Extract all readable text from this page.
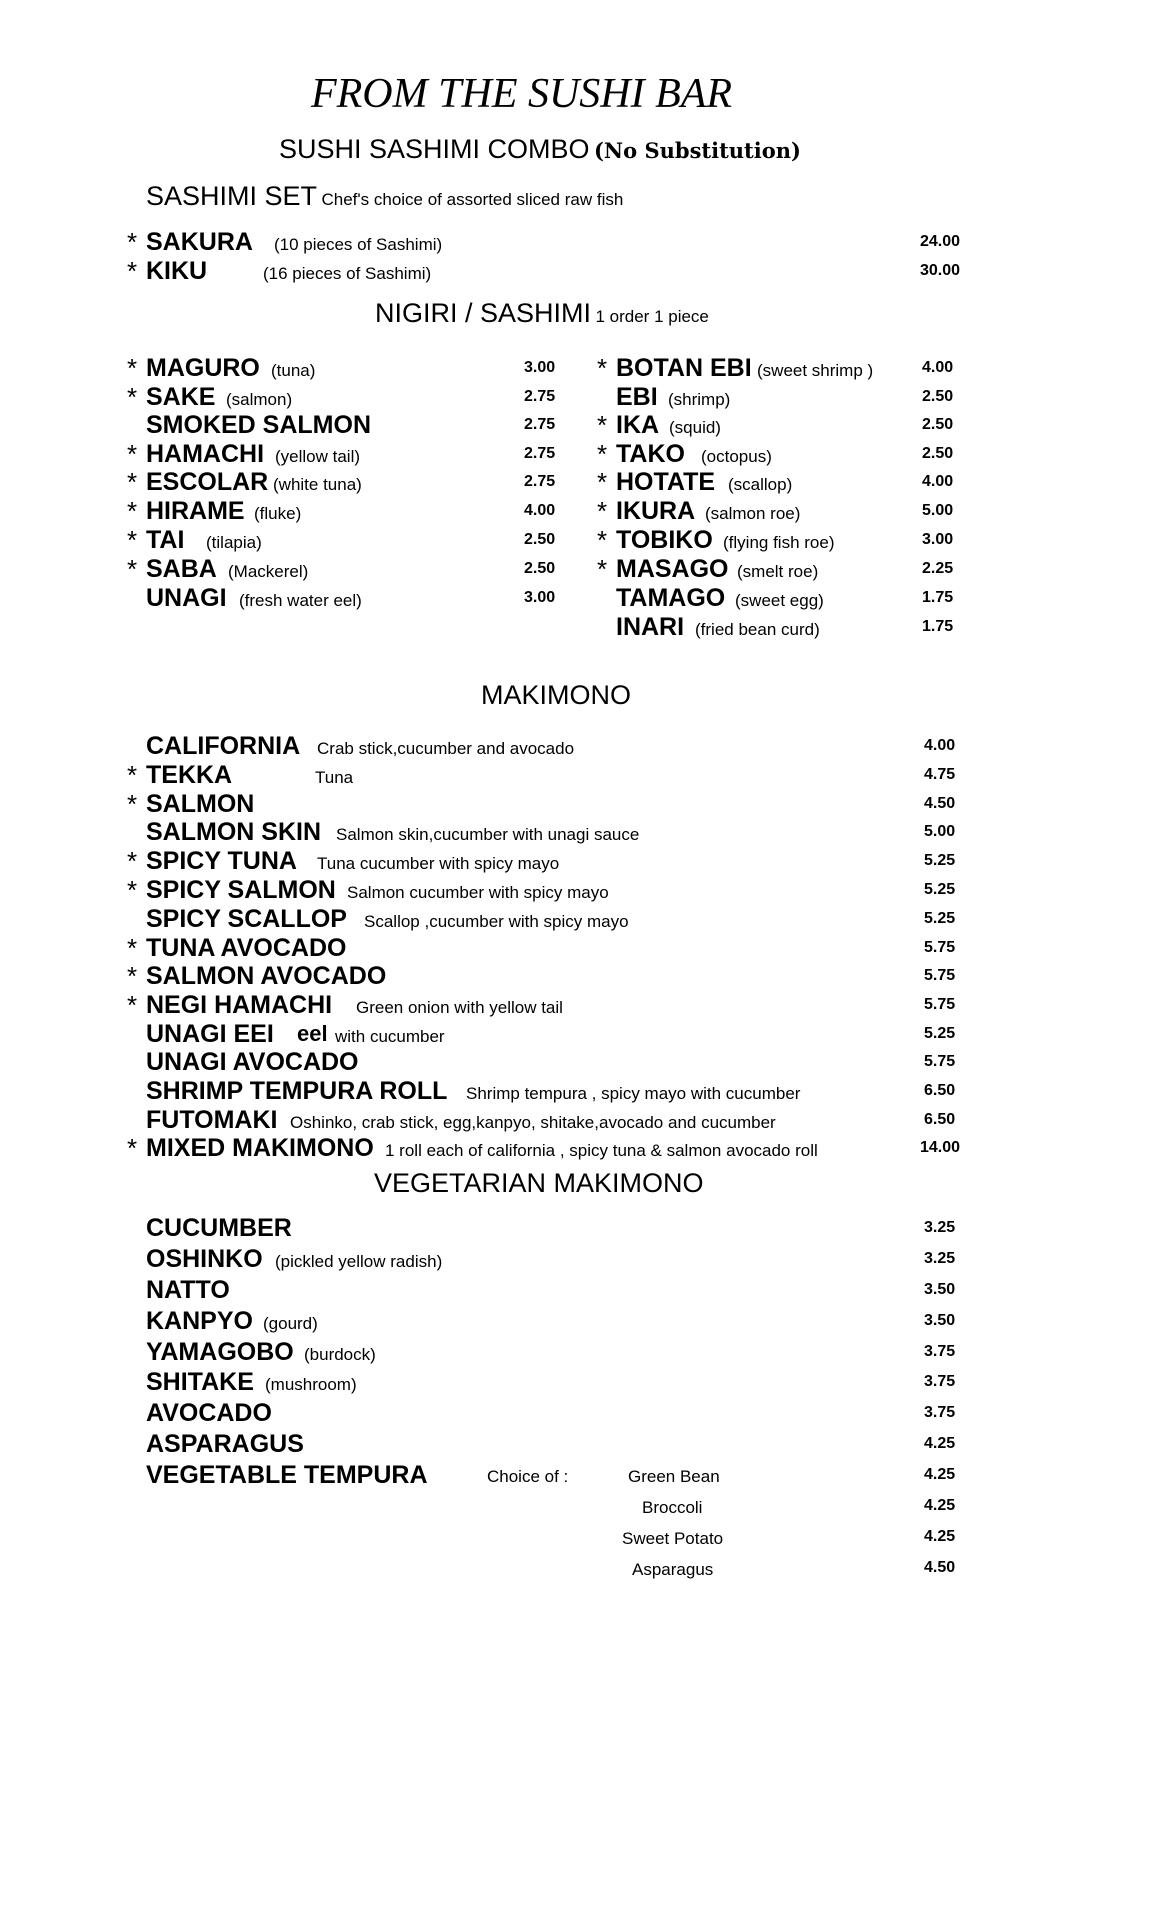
FROM THE SUSHI BAR
SUSHI SASHIMI COMBO (No Substitution)
SASHIMI SET Chef's choice of assorted sliced raw fish
* SAKURA (10 pieces of Sashimi)	24.00
* KIKU	(16 pieces of Sashimi)	30.00
NIGIRI / SASHIMI 1 order 1 piece
* MAGURO (tuna)	3.00
* SAKE (salmon)	2.75
SMOKED SALMON	2.75
* HAMACHI (yellow tail)	2.75
* ESCOLAR (white tuna)	2.75
* HIRAME (fluke)	4.00
* TAI (tilapia)	2.50
* SABA (Mackerel)	2.50
UNAGI (fresh water eel)	3.00
* BOTAN EBI (sweet shrimp )	4.00
EBI (shrimp)	2.50
* IKA (squid)	2.50
* TAKO (octopus)	2.50
* HOTATE (scallop)	4.00
* IKURA (salmon roe)	5.00
* TOBIKO (flying fish roe)	3.00
* MASAGO (smelt roe)	2.25
TAMAGO (sweet egg)	1.75
INARI (fried bean curd)	1.75
MAKIMONO
CALIFORNIA Crab stick,cucumber and avocado	4.00
* TEKKA	Tuna	4.75
* SALMON	4.50
SALMON SKIN Salmon skin,cucumber with unagi sauce	5.00
* SPICY TUNA Tuna cucumber with spicy mayo	5.25
* SPICY SALMON Salmon cucumber with spicy mayo	5.25
SPICY SCALLOP Scallop ,cucumber with spicy mayo	5.25
* TUNA AVOCADO	5.75
* SALMON AVOCADO	5.75
* NEGI HAMACHI Green onion with yellow tail	5.75
UNAGI EEI eel with cucumber	5.25
UNAGI AVOCADO	5.75
SHRIMP TEMPURA ROLL Shrimp tempura , spicy mayo with cucumber	6.50
FUTOMAKI Oshinko, crab stick, egg,kanpyo, shitake,avocado and cucumber	6.50
* MIXED MAKIMONO 1 roll each of california , spicy tuna & salmon avocado roll	14.00
VEGETARIAN MAKIMONO
CUCUMBER	3.25
OSHINKO (pickled yellow radish)	3.25
NATTO	3.50
KANPYO (gourd)	3.50
YAMAGOBO (burdock)	3.75
SHITAKE (mushroom)	3.75
AVOCADO	3.75
ASPARAGUS	4.25
VEGETABLE TEMPURA	Choice of :	Green Bean	4.25
Broccoli	4.25
Sweet Potato	4.25
Asparagus	4.50
